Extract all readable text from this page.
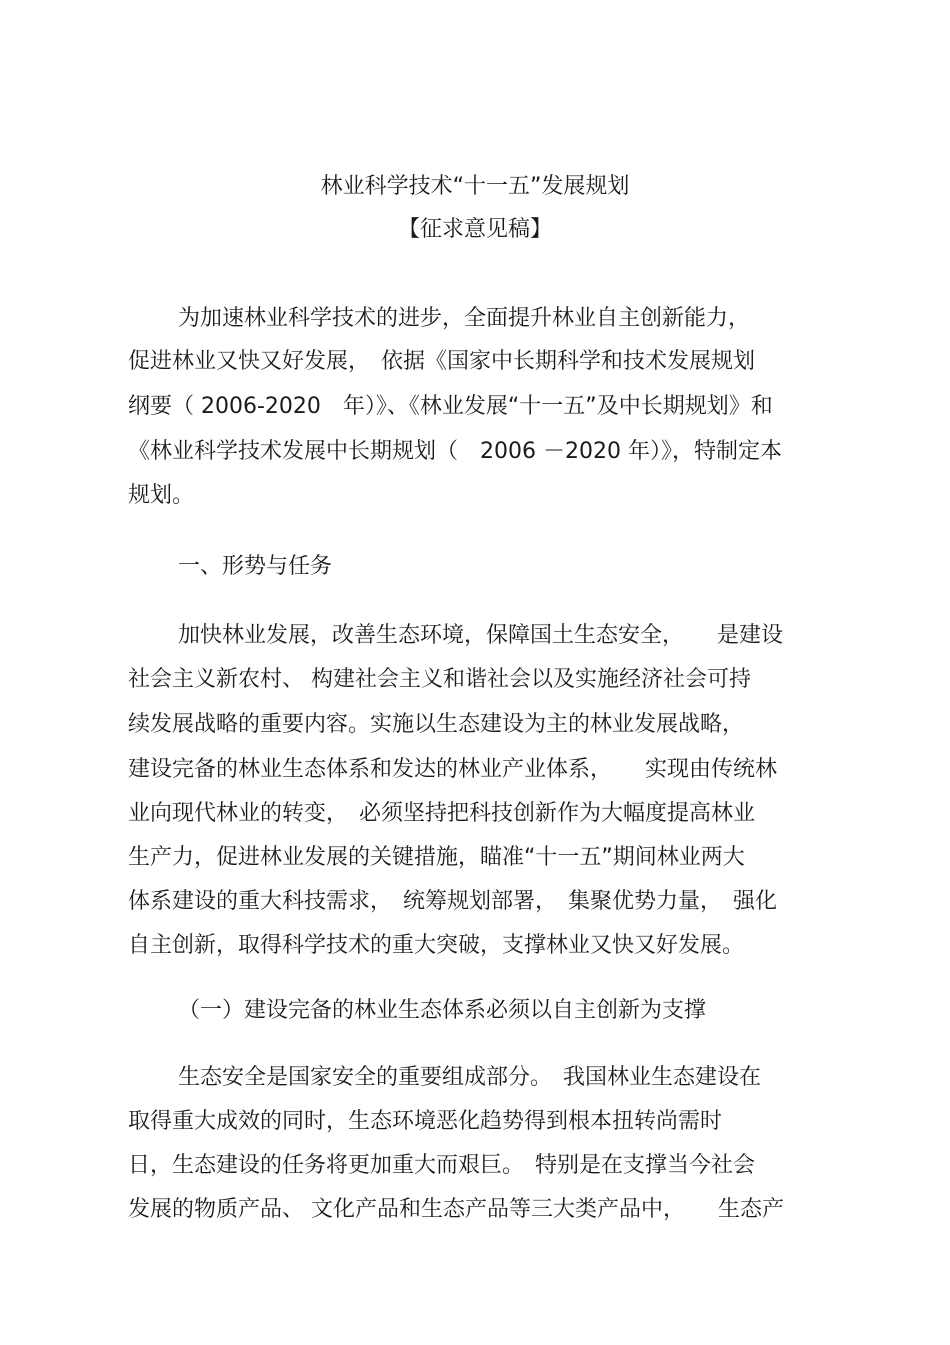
林业科学技术“十一五”发展规划
【征求意见稿】
为加速林业科学技术的进步，全面提升林业自主创新能力，
促进林业又快又好发展，　依据《国家中长期科学和技术发展规划
纲要（ 2006-2020　年）》、《林业发展“十一五”及中长期规划》和
《林业科学技术发展中长期规划（　2006 －2020 年）》，特制定本
规划。
一、形势与任务
加快林业发展，改善生态环境，保障国土生态安全，　　是建设
社会主义新农村、 构建社会主义和谐社会以及实施经济社会可持
续发展战略的重要内容。实施以生态建设为主的林业发展战略，
建设完备的林业生态体系和发达的林业产业体系，　　实现由传统林
业向现代林业的转变，　必须坚持把科技创新作为大幅度提高林业
生产力，促进林业发展的关键措施，瞄准“十一五”期间林业两大
体系建设的重大科技需求，　统筹规划部署，　集聚优势力量，　强化
自主创新，取得科学技术的重大突破，支撑林业又快又好发展。
（一）建设完备的林业生态体系必须以自主创新为支撑
生态安全是国家安全的重要组成部分。　我国林业生态建设在
取得重大成效的同时，生态环境恶化趋势得到根本扭转尚需时
日，生态建设的任务将更加重大而艰巨。　特别是在支撑当今社会
发展的物质产品、 文化产品和生态产品等三大类产品中，　　生态产
